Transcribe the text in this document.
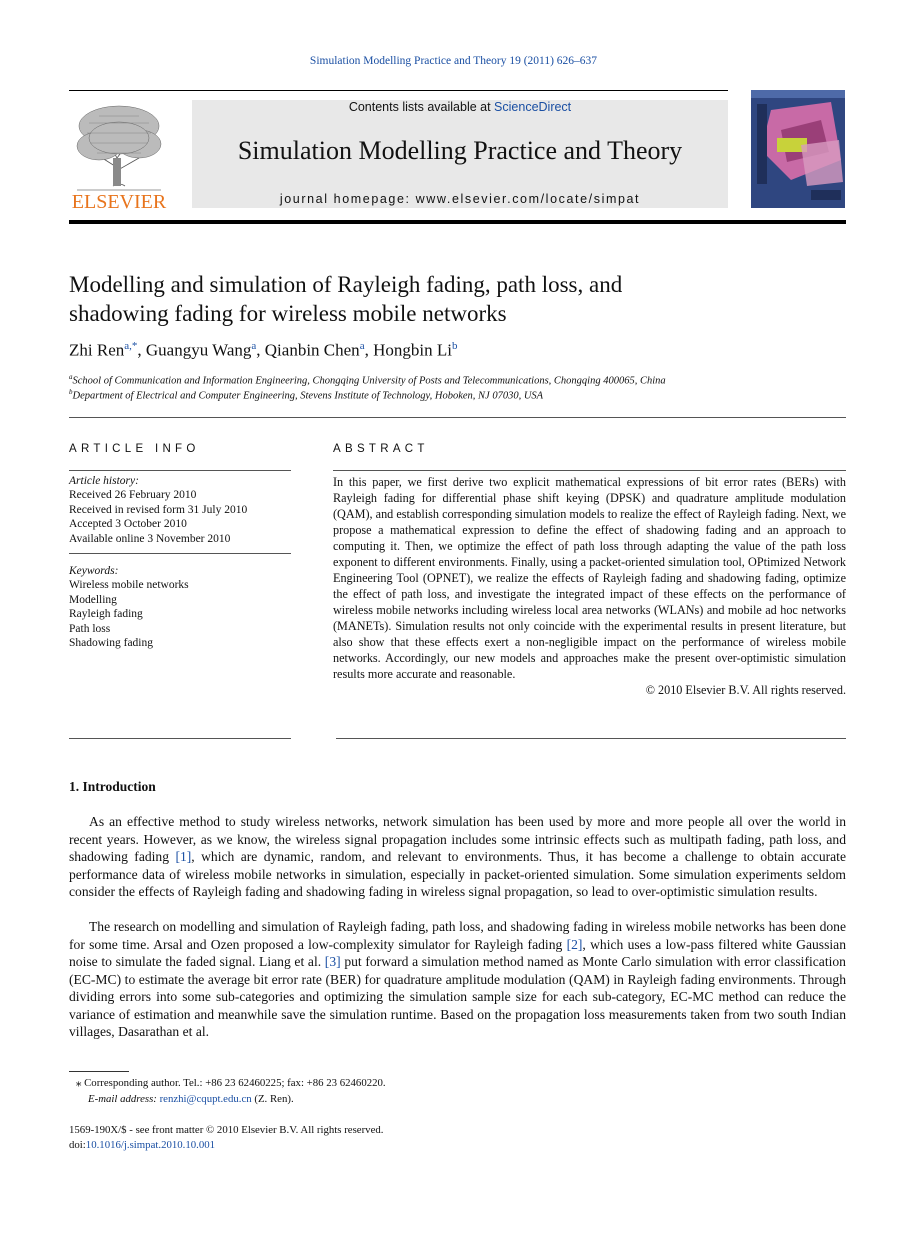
Simulation Modelling Practice and Theory 19 (2011) 626–637
ELSEVIER
Contents lists available at ScienceDirect
Simulation Modelling Practice and Theory
journal homepage: www.elsevier.com/locate/simpat
Modelling and simulation of Rayleigh fading, path loss, and
shadowing fading for wireless mobile networks
Zhi Ren$^{a,*}$, Guangyu Wang$^a$, Qianbin Chen$^a$, Hongbin Li$^b$
$^a$School of Communication and Information Engineering, Chongqing University of Posts and Telecommunications, Chongqing 400065, China
$^b$Department of Electrical and Computer Engineering, Stevens Institute of Technology, Hoboken, NJ 07030, USA
ARTICLE INFO	ABSTRACT
Article history:
Received 26 February 2010
Received in revised form 31 July 2010
Accepted 3 October 2010
Available online 3 November 2010
Keywords:
Wireless mobile networks
Modelling
Rayleigh fading
Path loss
Shadowing fading
In this paper, we first derive two explicit mathematical expressions of bit error rates (BERs) with Rayleigh fading for differential phase shift keying (DPSK) and quadrature amplitude modulation (QAM), and establish corresponding simulation models to realize the effect of Rayleigh fading. Next, we propose a mathematical expression to define the effect of shadowing fading and an approach to computing it. Then, we optimize the effect of path loss through adapting the value of the path loss exponent to different environments. Finally, using a packet-oriented simulation tool, OPtimized Network Engineering Tool (OPNET), we realize the effects of Rayleigh fading and shadowing fading, optimize the effect of path loss, and investigate the integrated impact of these effects on the performance of wireless mobile networks including wireless local area networks (WLANs) and mobile ad hoc networks (MANETs). Simulation results not only coincide with the experimental results in present literature, but also show that these effects exert a non-negligible impact on the performance of wireless mobile networks. Accordingly, our new models and approaches make the present over-optimistic simulation results more accurate and reasonable.
© 2010 Elsevier B.V. All rights reserved.
1. Introduction
As an effective method to study wireless networks, network simulation has been used by more and more people all over the world in recent years. However, as we know, the wireless signal propagation includes some intrinsic effects such as multipath fading, path loss, and shadowing fading [1], which are dynamic, random, and relevant to environments. Thus, it has become a challenge to obtain accurate performance data of wireless mobile networks in simulation, especially in packet-oriented simulation. Some simulation experiments seldom consider the effects of Rayleigh fading and shadowing fading in wireless signal propagation, so lead to over-optimistic simulation results.
The research on modelling and simulation of Rayleigh fading, path loss, and shadowing fading in wireless mobile networks has been done for some time. Arsal and Ozen proposed a low-complexity simulator for Rayleigh fading [2], which uses a low-pass filtered white Gaussian noise to simulate the faded signal. Liang et al. [3] put forward a simulation method named as Monte Carlo simulation with error classification (EC-MC) to estimate the average bit error rate (BER) for quadrature amplitude modulation (QAM) in Rayleigh fading environments. Through dividing errors into some sub-categories and optimizing the simulation sample size for each sub-category, EC-MC method can reduce the variance of estimation and meanwhile save the simulation runtime. Based on the propagation loss measurements taken from two south Indian villages, Dasarathan et al.
⁎ Corresponding author. Tel.: +86 23 62460225; fax: +86 23 62460220.
E-mail address: renzhi@cqupt.edu.cn (Z. Ren).
1569-190X/$ - see front matter © 2010 Elsevier B.V. All rights reserved.
doi:10.1016/j.simpat.2010.10.001
